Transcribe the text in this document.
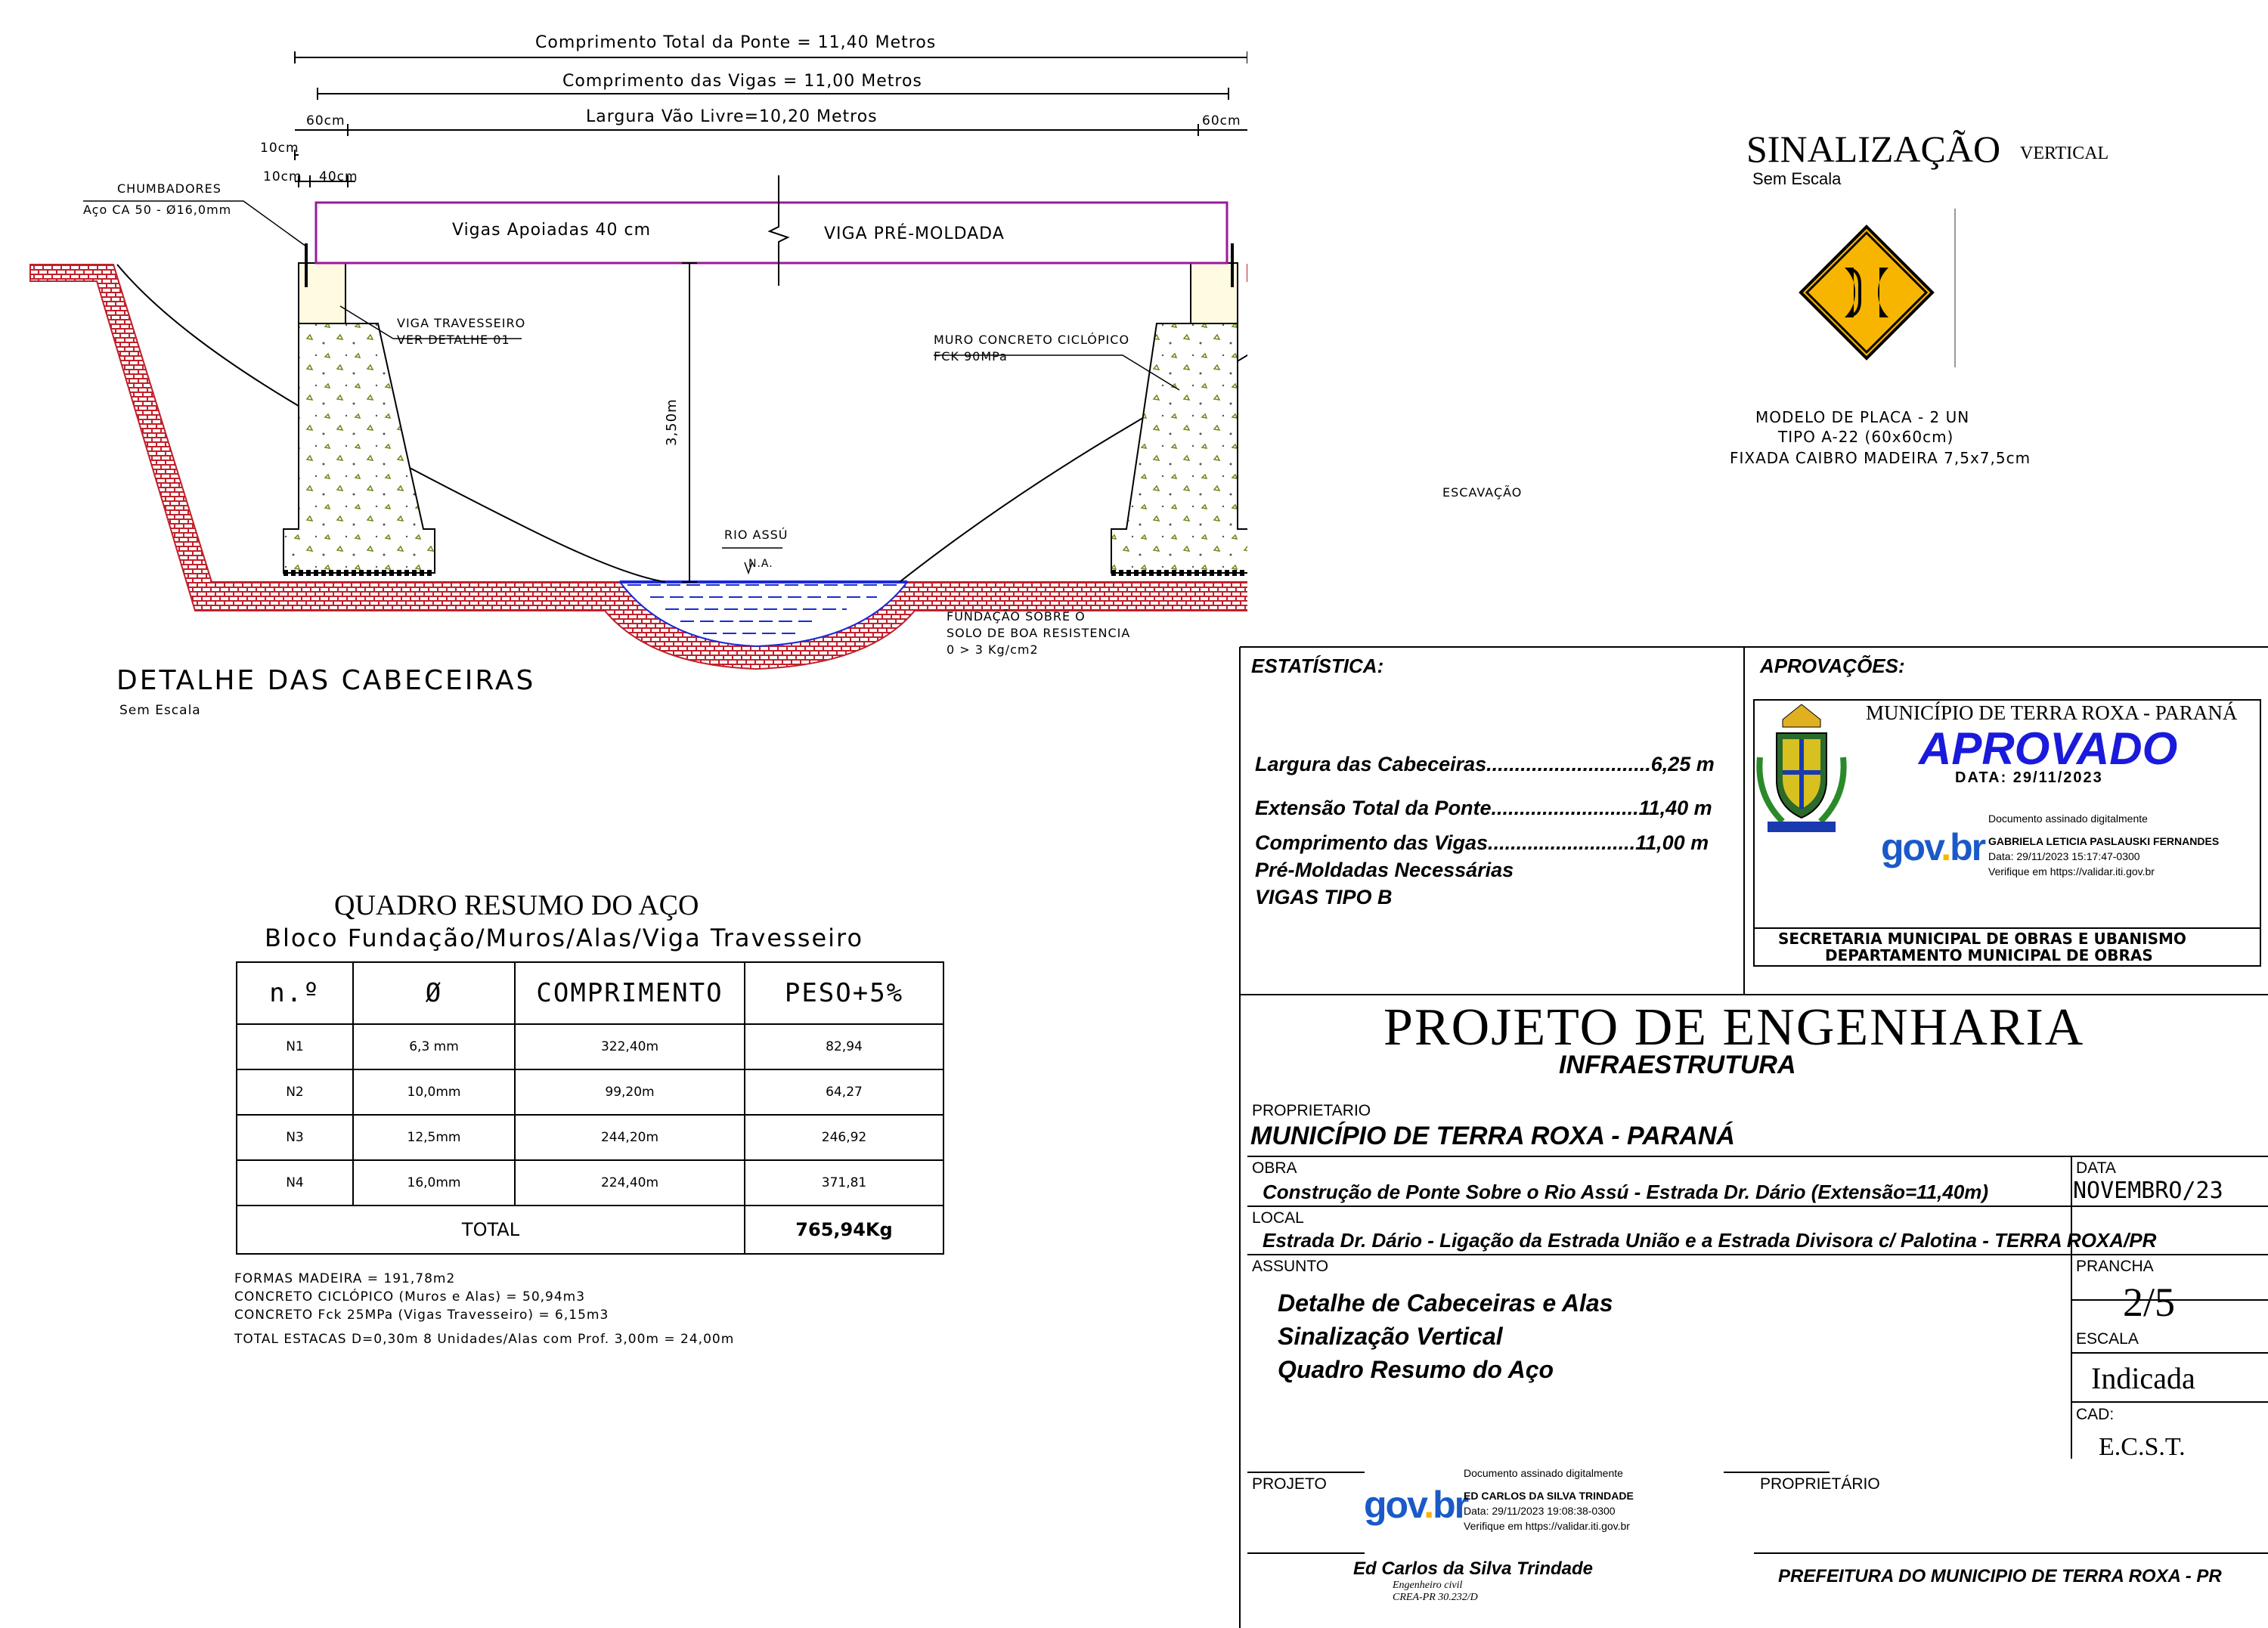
Comprimento Total da Ponte = 11,40 Metros
Comprimento das Vigas = 11,00 Metros
Largura Vão Livre=10,20 Metros
60cm	60cm
10cm
10cm 40cm
CHUMBADORES
Aço CA 50 - Ø16,0mm
Vigas Apoiadas 40 cm	VIGA PRÉ-MOLDADA
VIGA TRAVESSEIRO
VER DETALHE 01	MURO CONCRETO CICLÓPICO
FCK 90MPa
ESCAVAÇÃO
3,50m
RIO ASSÚ
N.A.
FUNDAÇÃO SOBRE O
SOLO DE BOA RESISTENCIA
0 > 3 Kg/cm2
DETALHE DAS CABECEIRAS
Sem Escala
SINALIZAÇÃO VERTICAL
Sem Escala
MODELO DE PLACA - 2 UN
TIPO A-22 (60x60cm)
FIXADA CAIBRO MADEIRA 7,5x7,5cm
QUADRO RESUMO DO AÇO
Bloco Fundação/Muros/Alas/Viga Travesseiro
n.º	Ø	COMPRIMENTO	PESO+5%
N1	6,3 mm	322,40m	82,94
N2	10,0mm	99,20m	64,27
N3	12,5mm	244,20m	246,92
N4	16,0mm	224,40m	371,81
TOTAL			765,94Kg
FORMAS MADEIRA = 191,78m2
CONCRETO CICLÓPICO (Muros e Alas) = 50,94m3
CONCRETO Fck 25MPa (Vigas Travesseiro) = 6,15m3
TOTAL ESTACAS D=0,30m 8 Unidades/Alas com Prof. 3,00m = 24,00m
ESTATÍSTICA:
Largura das Cabeceiras.............................6,25 m
Extensão Total da Ponte..........................11,40 m
Comprimento das Vigas..........................11,00 m
Pré-Moldadas Necessárias
VIGAS TIPO B
APROVAÇÕES:
MUNICÍPIO DE TERRA ROXA - PARANÁ
APROVADO
DATA: 29/11/2023
gov.br
Documento assinado digitalmente
GABRIELA LETICIA PASLAUSKI FERNANDES
Data: 29/11/2023 15:17:47-0300
Verifique em https://validar.iti.gov.br
SECRETARIA MUNICIPAL DE OBRAS E UBANISMO
DEPARTAMENTO MUNICIPAL DE OBRAS
PROJETO DE ENGENHARIA
INFRAESTRUTURA
PROPRIETARIO
MUNICÍPIO DE TERRA ROXA - PARANÁ
OBRA
Construção de Ponte Sobre o Rio Assú - Estrada Dr. Dário (Extensão=11,40m)
DATA
NOVEMBRO/23
LOCAL
Estrada Dr. Dário - Ligação da Estrada União e a Estrada Divisora c/ Palotina - TERRA ROXA/PR
ASSUNTO
Detalhe de Cabeceiras e Alas
Sinalização Vertical
Quadro Resumo do Aço
PRANCHA
2/5
ESCALA
Indicada
CAD:
E.C.S.T.
PROJETO	PROPRIETÁRIO
gov.br
Documento assinado digitalmente
ED CARLOS DA SILVA TRINDADE
Data: 29/11/2023 19:08:38-0300
Verifique em https://validar.iti.gov.br
Ed Carlos da Silva Trindade
Engenheiro civil
CREA-PR 30.232/D
PREFEITURA DO MUNICIPIO DE TERRA ROXA - PR
